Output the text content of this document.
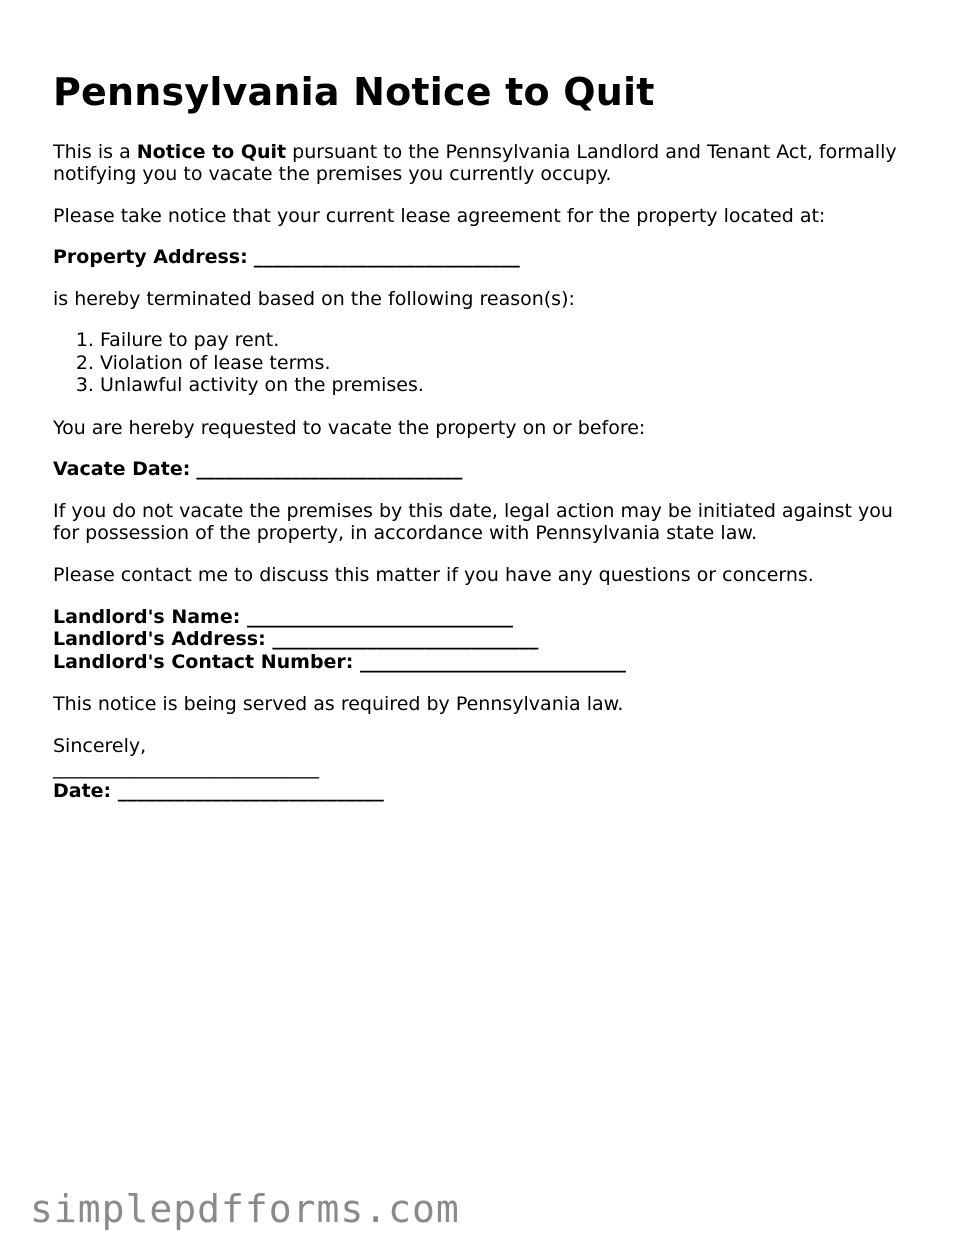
Pennsylvania Notice to Quit

This is a Notice to Quit pursuant to the Pennsylvania Landlord and Tenant Act, formally

notifying you to vacate the premises you currently occupy.

Please take notice that your current lease agreement for the property located at:

Property Address: ____________________________

is hereby terminated based on the following reason(s):

1. Failure to pay rent.
2. Violation of lease terms.
3. Unlawful activity on the premises.

You are hereby requested to vacate the property on or before:

Vacate Date: ____________________________

If you do not vacate the premises by this date, legal action may be initiated against you

for possession of the property, in accordance with Pennsylvania state law.

Please contact me to discuss this matter if you have any questions or concerns.

Landlord's Name: ____________________________

Landlord's Address: ____________________________

Landlord's Contact Number: ____________________________

This notice is being served as required by Pennsylvania law.

Sincerely,

____________________________

Date: ____________________________

simplepdfforms.com
